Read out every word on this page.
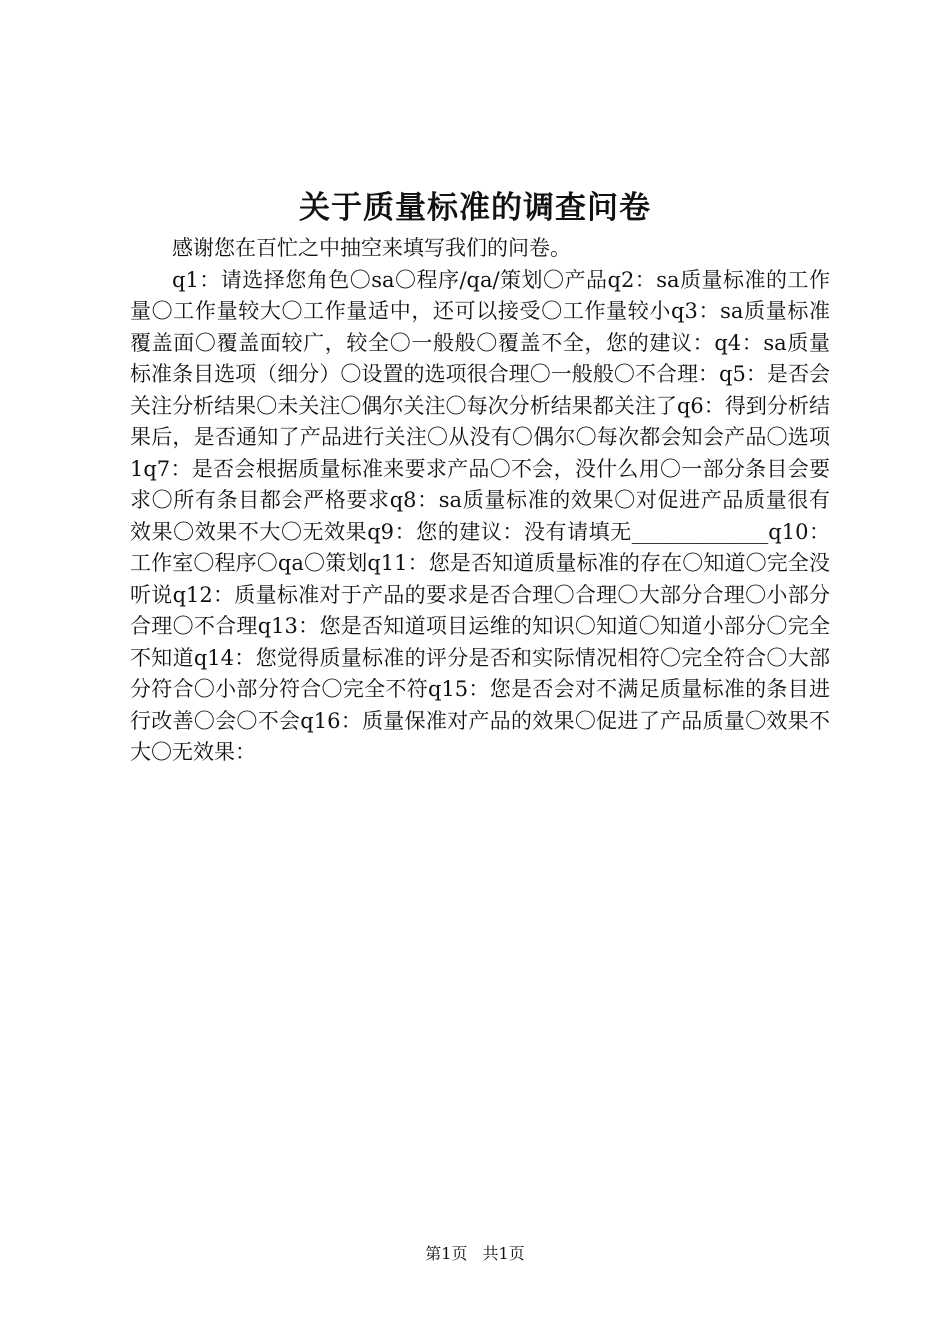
关于质量标准的调查问卷

感谢您在百忙之中抽空来填写我们的问卷。

q1：请选择您角色〇sa〇程序/qa/策划〇产品q2：sa质量标准的工作量〇工作量较大〇工作量适中，还可以接受〇工作量较小q3：sa质量标准覆盖面〇覆盖面较广，较全〇一般般〇覆盖不全，您的建议：q4：sa质量标准条目选项（细分）〇设置的选项很合理〇一般般〇不合理：q5：是否会关注分析结果〇未关注〇偶尔关注〇每次分析结果都关注了q6：得到分析结果后，是否通知了产品进行关注〇从没有〇偶尔〇每次都会知会产品〇选项1q7：是否会根据质量标准来要求产品〇不会，没什么用〇一部分条目会要求〇所有条目都会严格要求q8：sa质量标准的效果〇对促进产品质量很有效果〇效果不大〇无效果q9：您的建议：没有请填无_____________q10：工作室〇程序〇qa〇策划q11：您是否知道质量标准的存在〇知道〇完全没听说q12：质量标准对于产品的要求是否合理〇合理〇大部分合理〇小部分合理〇不合理q13：您是否知道项目运维的知识〇知道〇知道小部分〇完全不知道q14：您觉得质量标准的评分是否和实际情况相符〇完全符合〇大部分符合〇小部分符合〇完全不符q15：您是否会对不满足质量标准的条目进行改善〇会〇不会q16：质量保准对产品的效果〇促进了产品质量〇效果不大〇无效果：

第1页 共1页
